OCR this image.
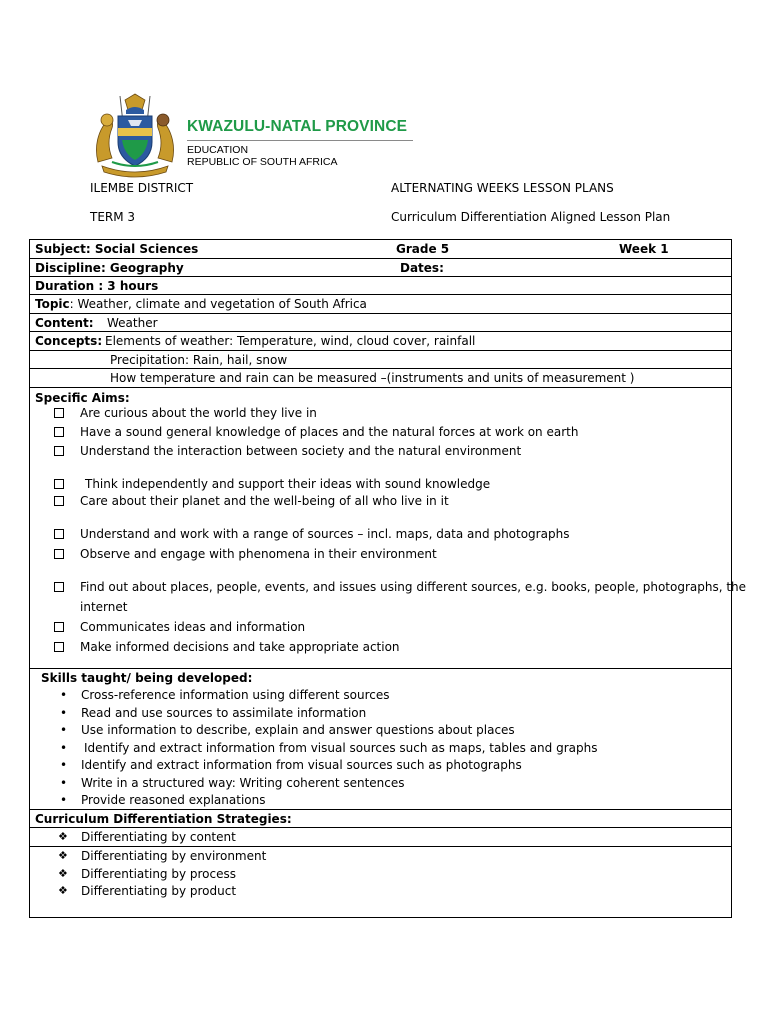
KWAZULU-NATAL PROVINCE
EDUCATION
REPUBLIC OF SOUTH AFRICA
ILEMBE DISTRICT	ALTERNATING WEEKS LESSON PLANS
TERM 3	Curriculum Differentiation Aligned Lesson Plan
Subject: Social Sciences	Grade 5	Week 1
Discipline: Geography	Dates:
Duration : 3 hours
Topic: Weather, climate and vegetation of South Africa
Content: Weather
Concepts: Elements of weather: Temperature, wind, cloud cover, rainfall
Precipitation: Rain, hail, snow
How temperature and rain can be measured –(instruments and units of measurement )
Specific Aims:
Are curious about the world they live in
Have a sound general knowledge of places and the natural forces at work on earth
Understand the interaction between society and the natural environment
Think independently and support their ideas with sound knowledge
Care about their planet and the well-being of all who live in it
Understand and work with a range of sources – incl. maps, data and photographs
Observe and engage with phenomena in their environment
Find out about places, people, events, and issues using different sources, e.g. books, people, photographs, the
internet
Communicates ideas and information
Make informed decisions and take appropriate action
Skills taught/ being developed:
• Cross-reference information using different sources
• Read and use sources to assimilate information
• Use information to describe, explain and answer questions about places
• Identify and extract information from visual sources such as maps, tables and graphs
• Identify and extract information from visual sources such as photographs
• Write in a structured way: Writing coherent sentences
• Provide reasoned explanations
Curriculum Differentiation Strategies:
❖ Differentiating by content
❖ Differentiating by environment
❖ Differentiating by process
❖ Differentiating by product
